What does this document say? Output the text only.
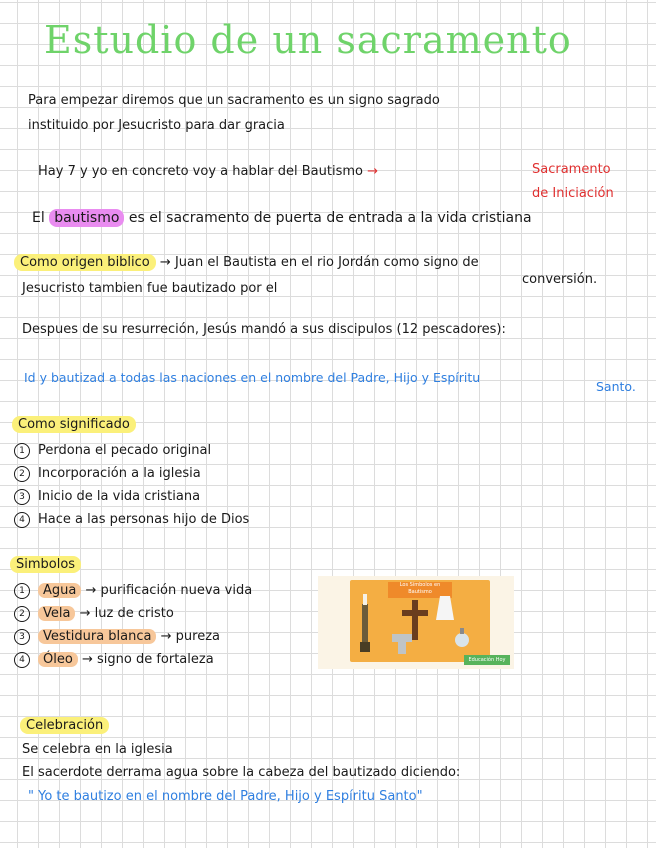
Estudio de un sacramento
Para empezar diremos que un sacramento es un signo sagrado
instituido por Jesucristo para dar gracia
Hay 7 y yo en concreto voy a hablar del Bautismo →	Sacramento
de Iniciación
El bautismo es el sacramento de puerta de entrada a la vida cristiana
Como origen biblico → Juan el Bautista en el rio Jordán como signo de
conversión.
Jesucristo tambien fue bautizado por el
Despues de su resurreción, Jesús mandó a sus discipulos (12 pescadores):
Id y bautizad a todas las naciones en el nombre del Padre, Hijo y Espíritu
Santo.
Como significado
1 Perdona el pecado original
2 Incorporación a la iglesia
3 Inicio de la vida cristiana
4 Hace a las personas hijo de Dios
Simbolos
1 Agua → purificación nueva vida
2 Vela → luz de cristo
3 Vestidura blanca → pureza
4 Óleo → signo de fortaleza
Los Símbolos en Bautismo
Educación Hoy
Celebración
Se celebra en la iglesia
El sacerdote derrama agua sobre la cabeza del bautizado diciendo:
" Yo te bautizo en el nombre del Padre, Hijo y Espíritu Santo"
